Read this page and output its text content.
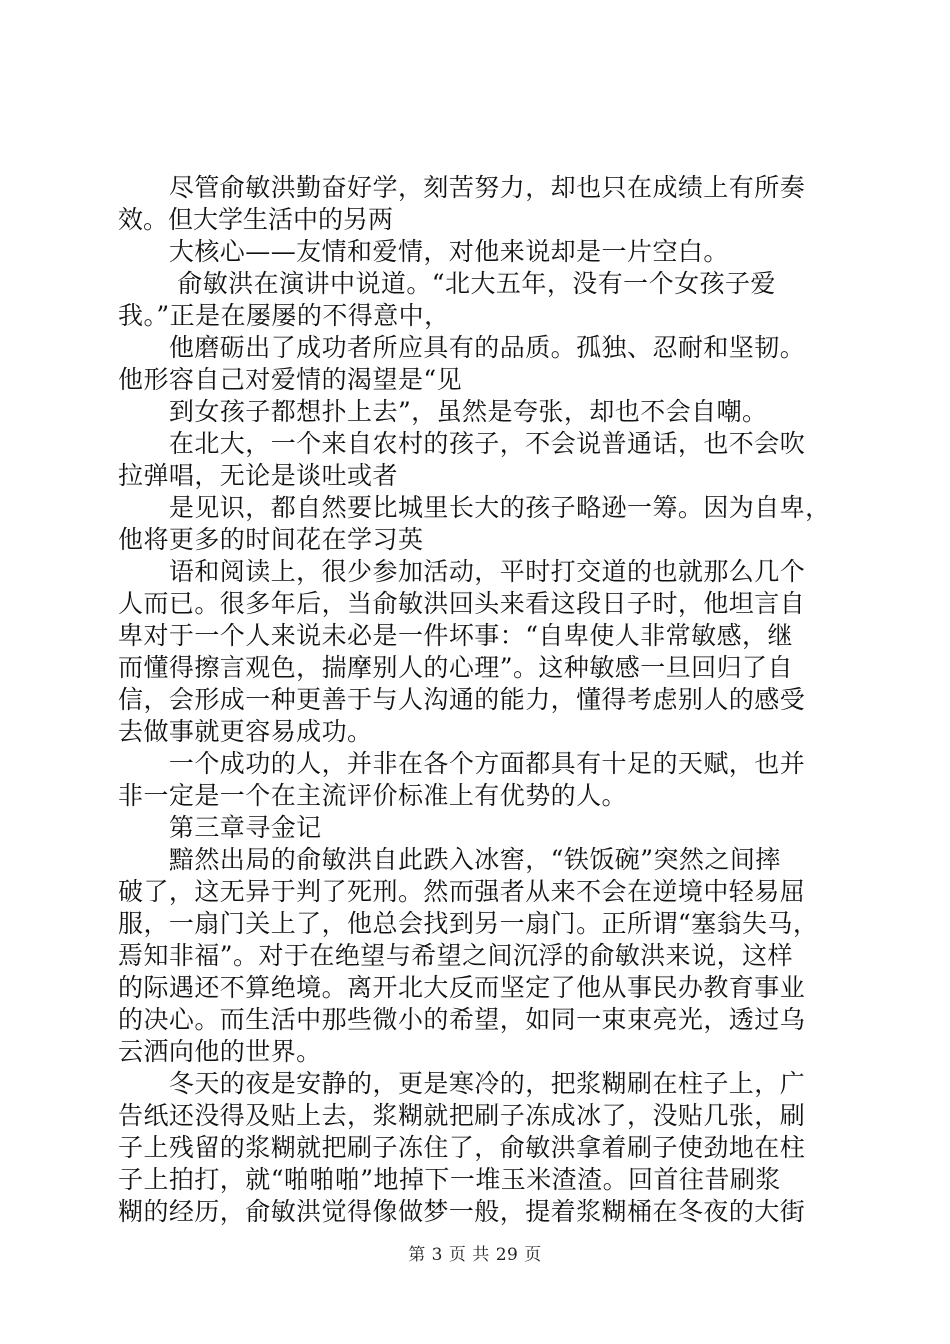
　　尽管俞敏洪勤奋好学，刻苦努力，却也只在成绩上有所奏
效。但大学生活中的另两
　　大核心——友情和爱情，对他来说却是一片空白。
　　 俞敏洪在演讲中说道。“北大五年，没有一个女孩子爱
我。”正是在屡屡的不得意中，
　　他磨砺出了成功者所应具有的品质。孤独、忍耐和坚韧。
他形容自己对爱情的渴望是“见
　　到女孩子都想扑上去”，虽然是夸张，却也不会自嘲。
　　在北大，一个来自农村的孩子，不会说普通话，也不会吹
拉弹唱，无论是谈吐或者
　　是见识，都自然要比城里长大的孩子略逊一筹。因为自卑，
他将更多的时间花在学习英
　　语和阅读上，很少参加活动，平时打交道的也就那么几个
人而已。很多年后，当俞敏洪回头来看这段日子时，他坦言自
卑对于一个人来说未必是一件坏事：“自卑使人非常敏感，继
而懂得擦言观色，揣摩别人的心理”。这种敏感一旦回归了自
信，会形成一种更善于与人沟通的能力，懂得考虑别人的感受
去做事就更容易成功。
　　一个成功的人，并非在各个方面都具有十足的天赋，也并
非一定是一个在主流评价标准上有优势的人。
　　第三章寻金记
　　黯然出局的俞敏洪自此跌入冰窖，“铁饭碗”突然之间摔
破了，这无异于判了死刑。然而强者从来不会在逆境中轻易屈
服，一扇门关上了，他总会找到另一扇门。正所谓“塞翁失马，
焉知非福”。对于在绝望与希望之间沉浮的俞敏洪来说，这样
的际遇还不算绝境。离开北大反而坚定了他从事民办教育事业
的决心。而生活中那些微小的希望，如同一束束亮光，透过乌
云洒向他的世界。
　　冬天的夜是安静的，更是寒冷的，把浆糊刷在柱子上，广
告纸还没得及贴上去，浆糊就把刷子冻成冰了，没贴几张，刷
子上残留的浆糊就把刷子冻住了，俞敏洪拿着刷子使劲地在柱
子上拍打，就“啪啪啪”地掉下一堆玉米渣渣。回首往昔刷浆
糊的经历，俞敏洪觉得像做梦一般，提着浆糊桶在冬夜的大街
第 3 页 共 29 页
